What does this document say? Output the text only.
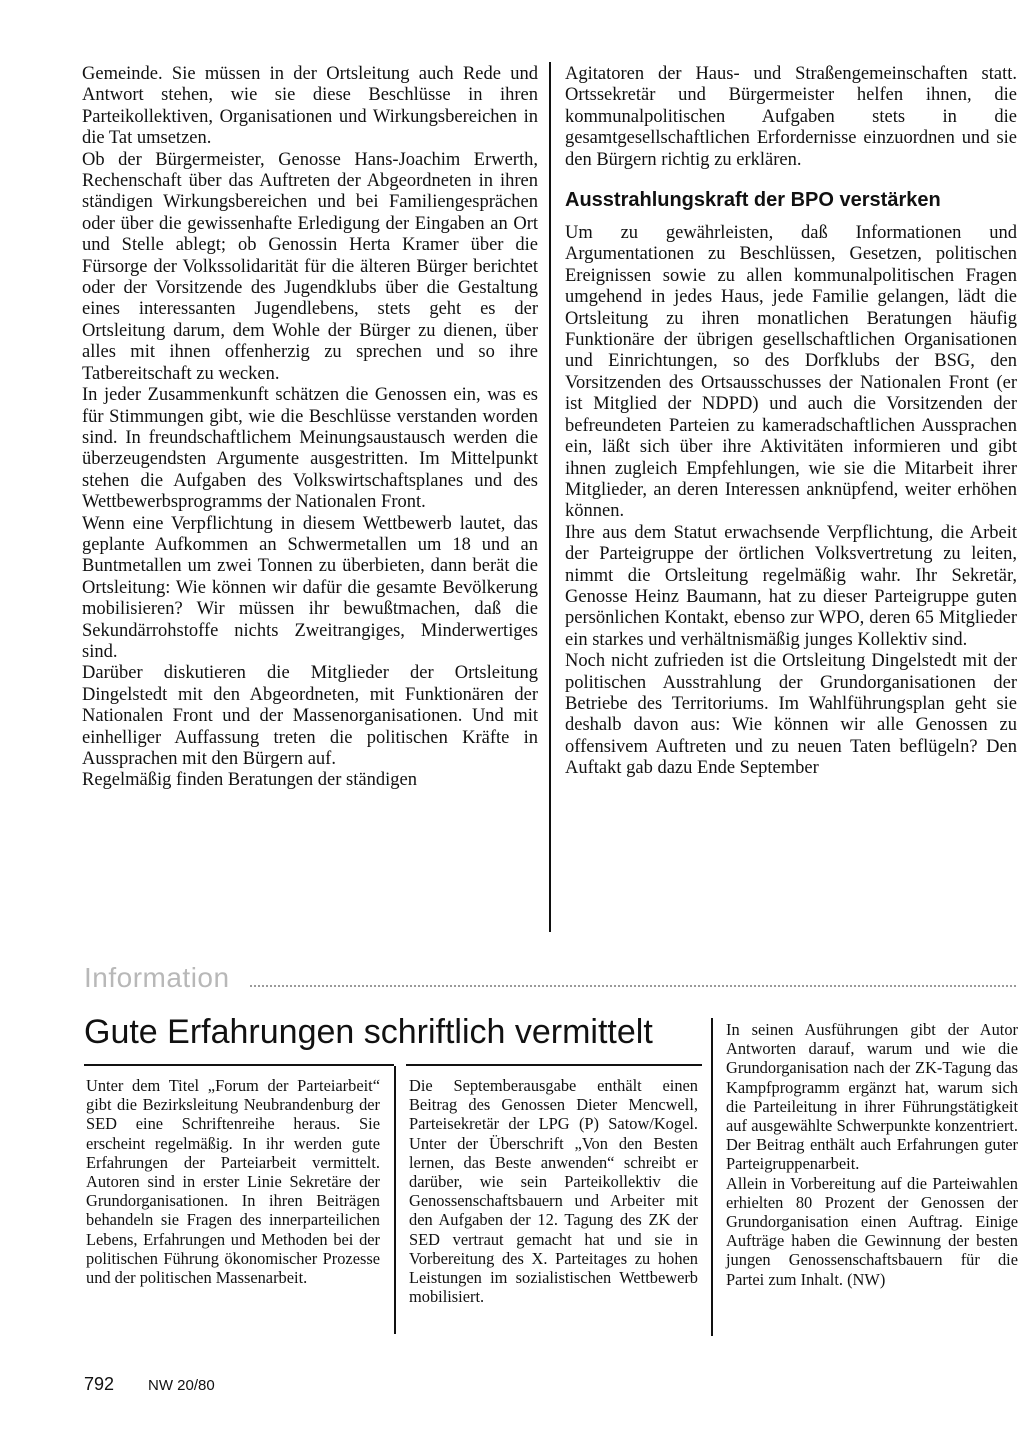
Gemeinde. Sie müssen in der Ortsleitung auch Rede und Antwort stehen, wie sie diese Beschlüsse in ihren Parteikollektiven, Organisationen und Wirkungsbereichen in die Tat umsetzen.

Ob der Bürgermeister, Genosse Hans-Joachim Erwerth, Rechenschaft über das Auftreten der Abgeordneten in ihren ständigen Wirkungsbereichen und bei Familiengesprächen oder über die gewissenhafte Erledigung der Eingaben an Ort und Stelle ablegt; ob Genossin Herta Kramer über die Fürsorge der Volkssolidarität für die älteren Bürger berichtet oder der Vorsitzende des Jugendklubs über die Gestaltung eines interessanten Jugendlebens, stets geht es der Ortsleitung darum, dem Wohle der Bürger zu dienen, über alles mit ihnen offenherzig zu sprechen und so ihre Tatbereitschaft zu wecken.

In jeder Zusammenkunft schätzen die Genossen ein, was es für Stimmungen gibt, wie die Beschlüsse verstanden worden sind. In freundschaftlichem Meinungsaustausch werden die überzeugendsten Argumente ausgestritten. Im Mittelpunkt stehen die Aufgaben des Volkswirtschaftsplanes und des Wettbewerbsprogramms der Nationalen Front.

Wenn eine Verpflichtung in diesem Wettbewerb lautet, das geplante Aufkommen an Schwermetallen um 18 und an Buntmetallen um zwei Tonnen zu überbieten, dann berät die Ortsleitung: Wie können wir dafür die gesamte Bevölkerung mobilisieren? Wir müssen ihr bewußtmachen, daß die Sekundärrohstoffe nichts Zweitrangiges, Minderwertiges sind.

Darüber diskutieren die Mitglieder der Ortsleitung Dingelstedt mit den Abgeordneten, mit Funktionären der Nationalen Front und der Massenorganisationen. Und mit einhelliger Auffassung treten die politischen Kräfte in Aussprachen mit den Bürgern auf.

Regelmäßig finden Beratungen der ständigen

Agitatoren der Haus- und Straßengemeinschaften statt. Ortssekretär und Bürgermeister helfen ihnen, die kommunalpolitischen Aufgaben stets in die gesamtgesellschaftlichen Erfordernisse einzuordnen und sie den Bürgern richtig zu erklären.

Ausstrahlungskraft der BPO verstärken

Um zu gewährleisten, daß Informationen und Argumentationen zu Beschlüssen, Gesetzen, politischen Ereignissen sowie zu allen kommunalpolitischen Fragen umgehend in jedes Haus, jede Familie gelangen, lädt die Ortsleitung zu ihren monatlichen Beratungen häufig Funktionäre der übrigen gesellschaftlichen Organisationen und Einrichtungen, so des Dorfklubs der BSG, den Vorsitzenden des Ortsausschusses der Nationalen Front (er ist Mitglied der NDPD) und auch die Vorsitzenden der befreundeten Parteien zu kameradschaftlichen Aussprachen ein, läßt sich über ihre Aktivitäten informieren und gibt ihnen zugleich Empfehlungen, wie sie die Mitarbeit ihrer Mitglieder, an deren Interessen anknüpfend, weiter erhöhen können.

Ihre aus dem Statut erwachsende Verpflichtung, die Arbeit der Parteigruppe der örtlichen Volksvertretung zu leiten, nimmt die Ortsleitung regelmäßig wahr. Ihr Sekretär, Genosse Heinz Baumann, hat zu dieser Parteigruppe guten persönlichen Kontakt, ebenso zur WPO, deren 65 Mitglieder ein starkes und verhältnismäßig junges Kollektiv sind.

Noch nicht zufrieden ist die Ortsleitung Dingelstedt mit der politischen Ausstrahlung der Grundorganisationen der Betriebe des Territoriums. Im Wahlführungsplan geht sie deshalb davon aus: Wie können wir alle Genossen zu offensivem Auftreten und zu neuen Taten beflügeln? Den Auftakt gab dazu Ende September

Information
Gute Erfahrungen schriftlich vermittelt

Unter dem Titel „Forum der Parteiarbeit“ gibt die Bezirksleitung Neubrandenburg der SED eine Schriftenreihe heraus. Sie erscheint regelmäßig. In ihr werden gute Erfahrungen der Parteiarbeit vermittelt. Autoren sind in erster Linie Sekretäre der Grundorganisationen. In ihren Beiträgen behandeln sie Fragen des innerparteilichen Lebens, Erfahrungen und Methoden bei der politischen Führung ökonomischer Prozesse und der politischen Massenarbeit.

Die Septemberausgabe enthält einen Beitrag des Genossen Dieter Mencwell, Parteisekretär der LPG (P) Satow/Kogel. Unter der Überschrift „Von den Besten lernen, das Beste anwenden“ schreibt er darüber, wie sein Parteikollektiv die Genossenschaftsbauern und Arbeiter mit den Aufgaben der 12. Tagung des ZK der SED vertraut gemacht hat und sie in Vorbereitung des X. Parteitages zu hohen Leistungen im sozialistischen Wettbewerb mobilisiert.

In seinen Ausführungen gibt der Autor Antworten darauf, warum und wie die Grundorganisation nach der ZK-Tagung das Kampfprogramm ergänzt hat, warum sich die Parteileitung in ihrer Führungstätigkeit auf ausgewählte Schwerpunkte konzentriert. Der Beitrag enthält auch Erfahrungen guter Parteigruppenarbeit.

Allein in Vorbereitung auf die Parteiwahlen erhielten 80 Prozent der Genossen der Grundorganisation einen Auftrag. Einige Aufträge haben die Gewinnung der besten jungen Genossenschaftsbauern für die Partei zum Inhalt. (NW)

792 NW 20/80
